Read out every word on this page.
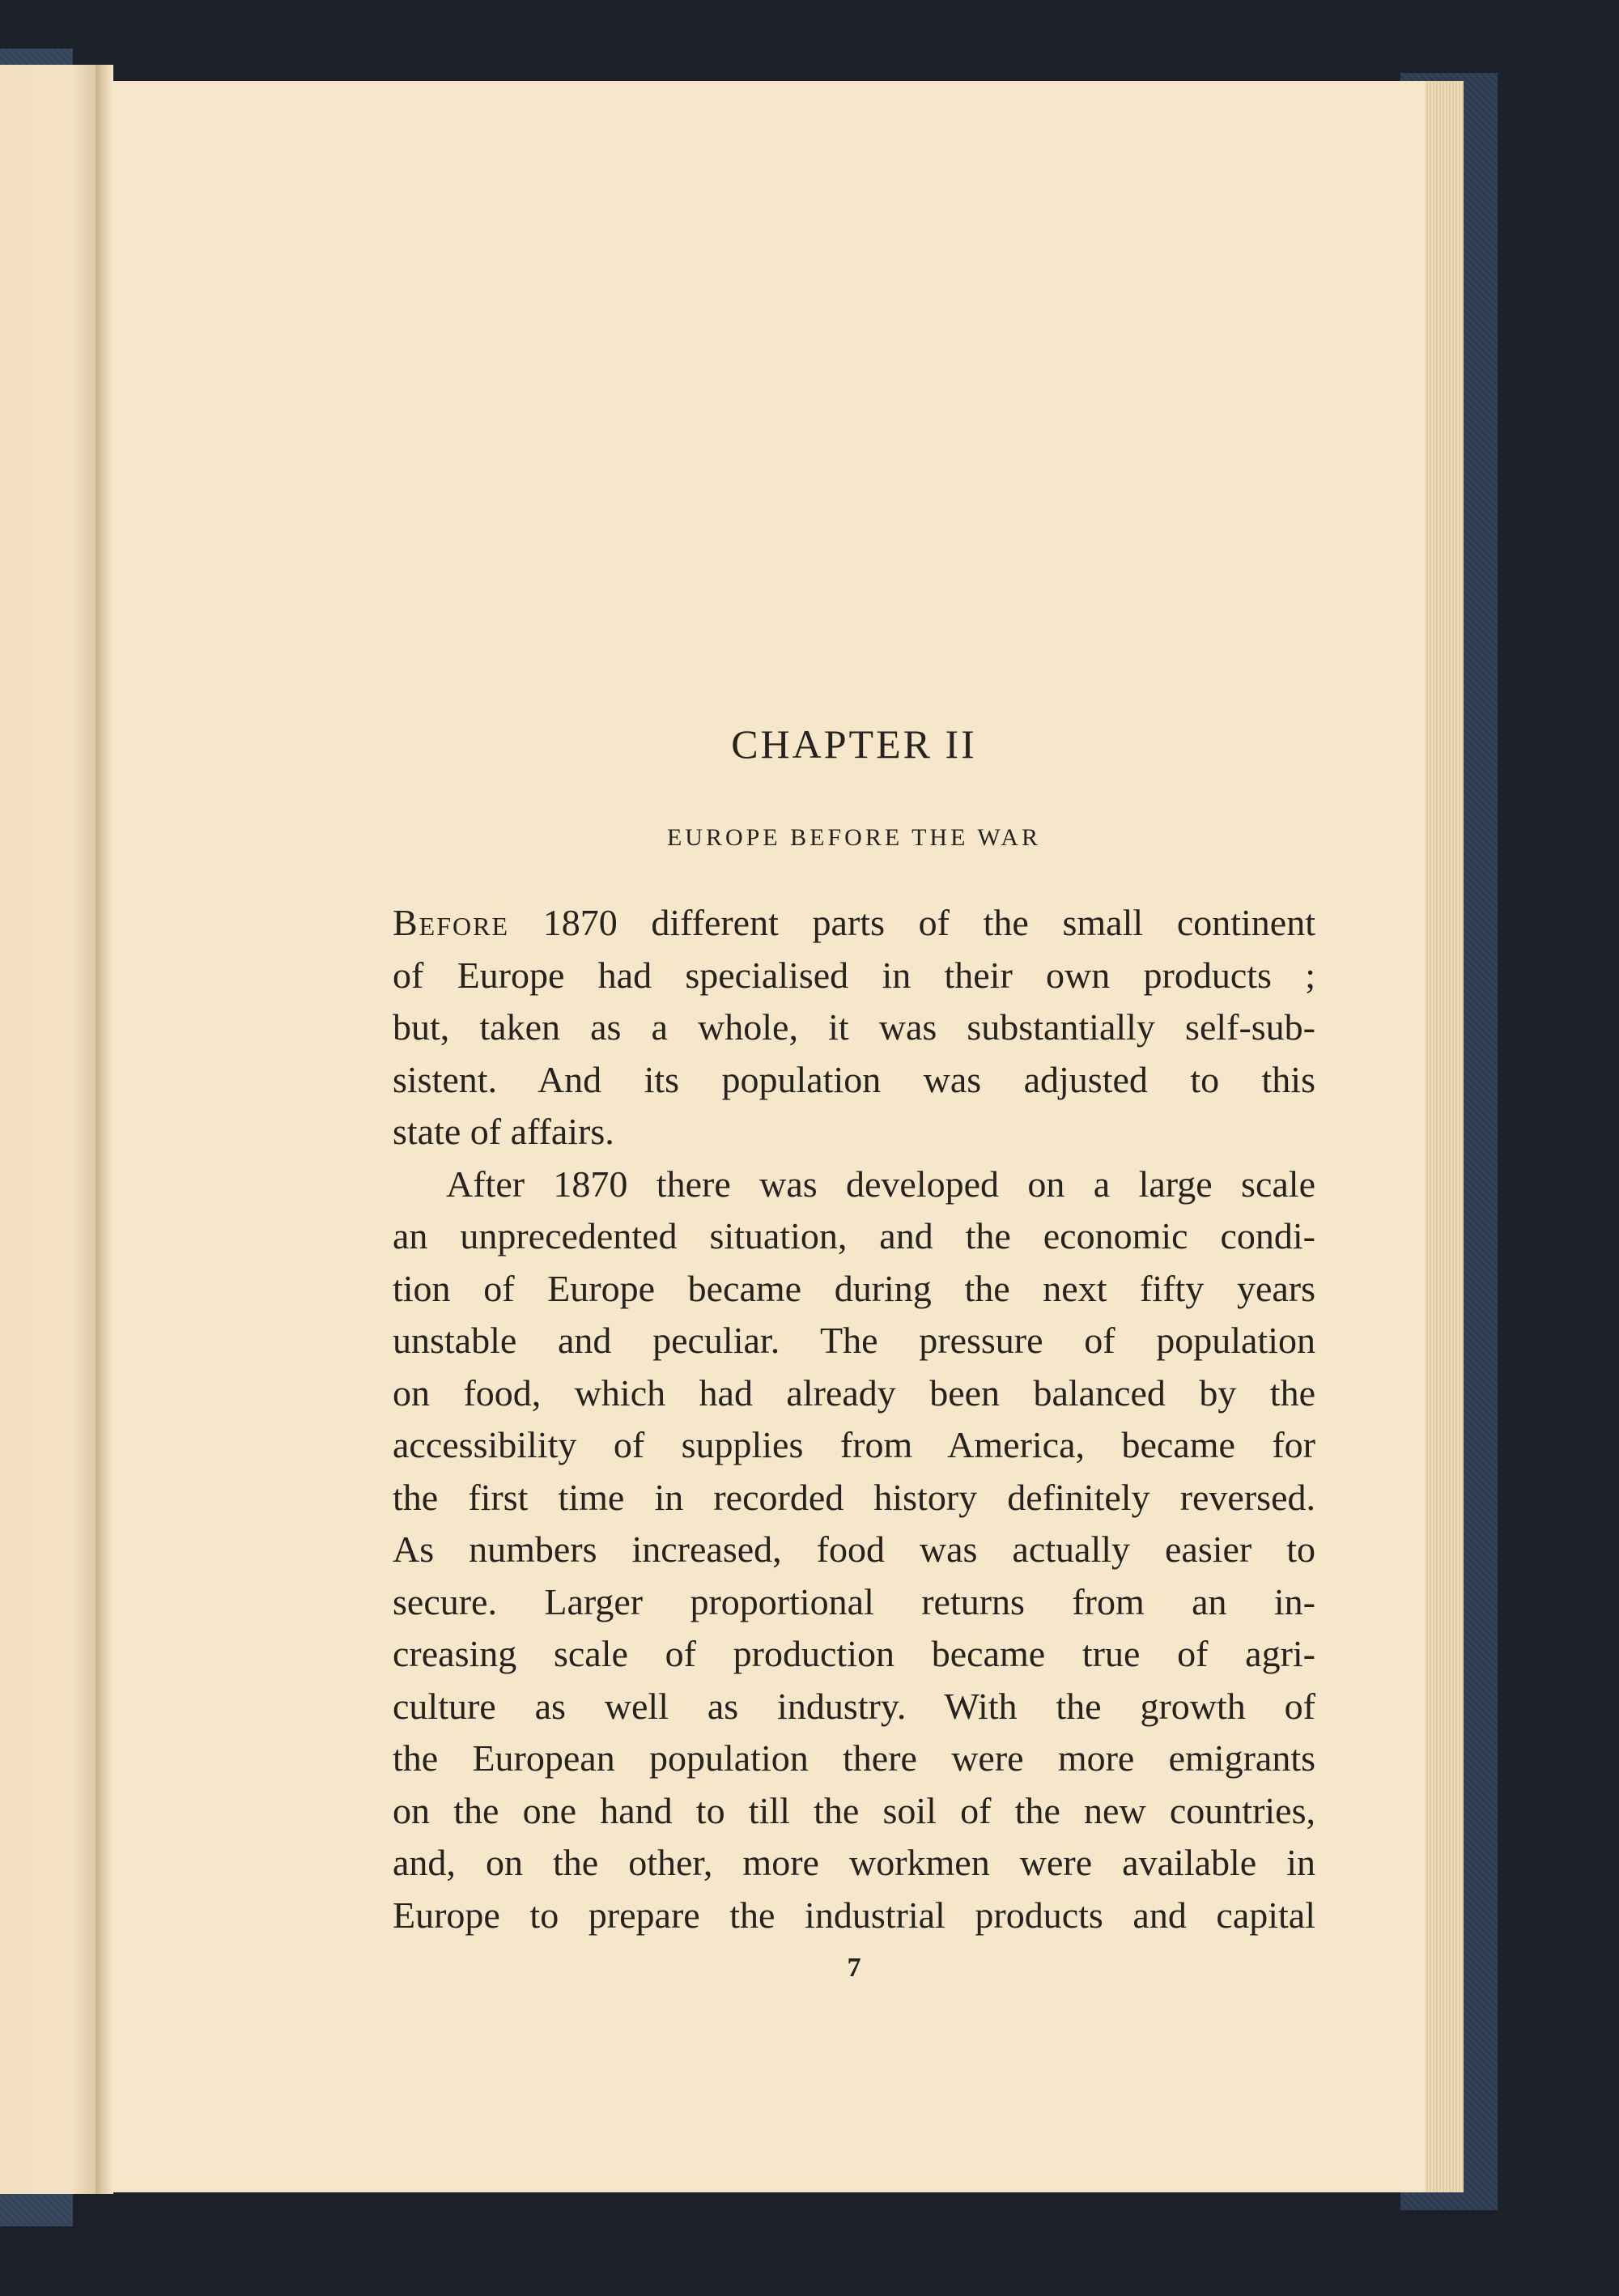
CHAPTER II
EUROPE BEFORE THE WAR
Before 1870 different parts of the small continent
of Europe had specialised in their own products ;
but, taken as a whole, it was substantially self-sub-
sistent. And its population was adjusted to this
state of affairs.
After 1870 there was developed on a large scale
an unprecedented situation, and the economic condi-
tion of Europe became during the next fifty years
unstable and peculiar. The pressure of population
on food, which had already been balanced by the
accessibility of supplies from America, became for
the first time in recorded history definitely reversed.
As numbers increased, food was actually easier to
secure. Larger proportional returns from an in-
creasing scale of production became true of agri-
culture as well as industry. With the growth of
the European population there were more emigrants
on the one hand to till the soil of the new countries,
and, on the other, more workmen were available in
Europe to prepare the industrial products and capital

7
